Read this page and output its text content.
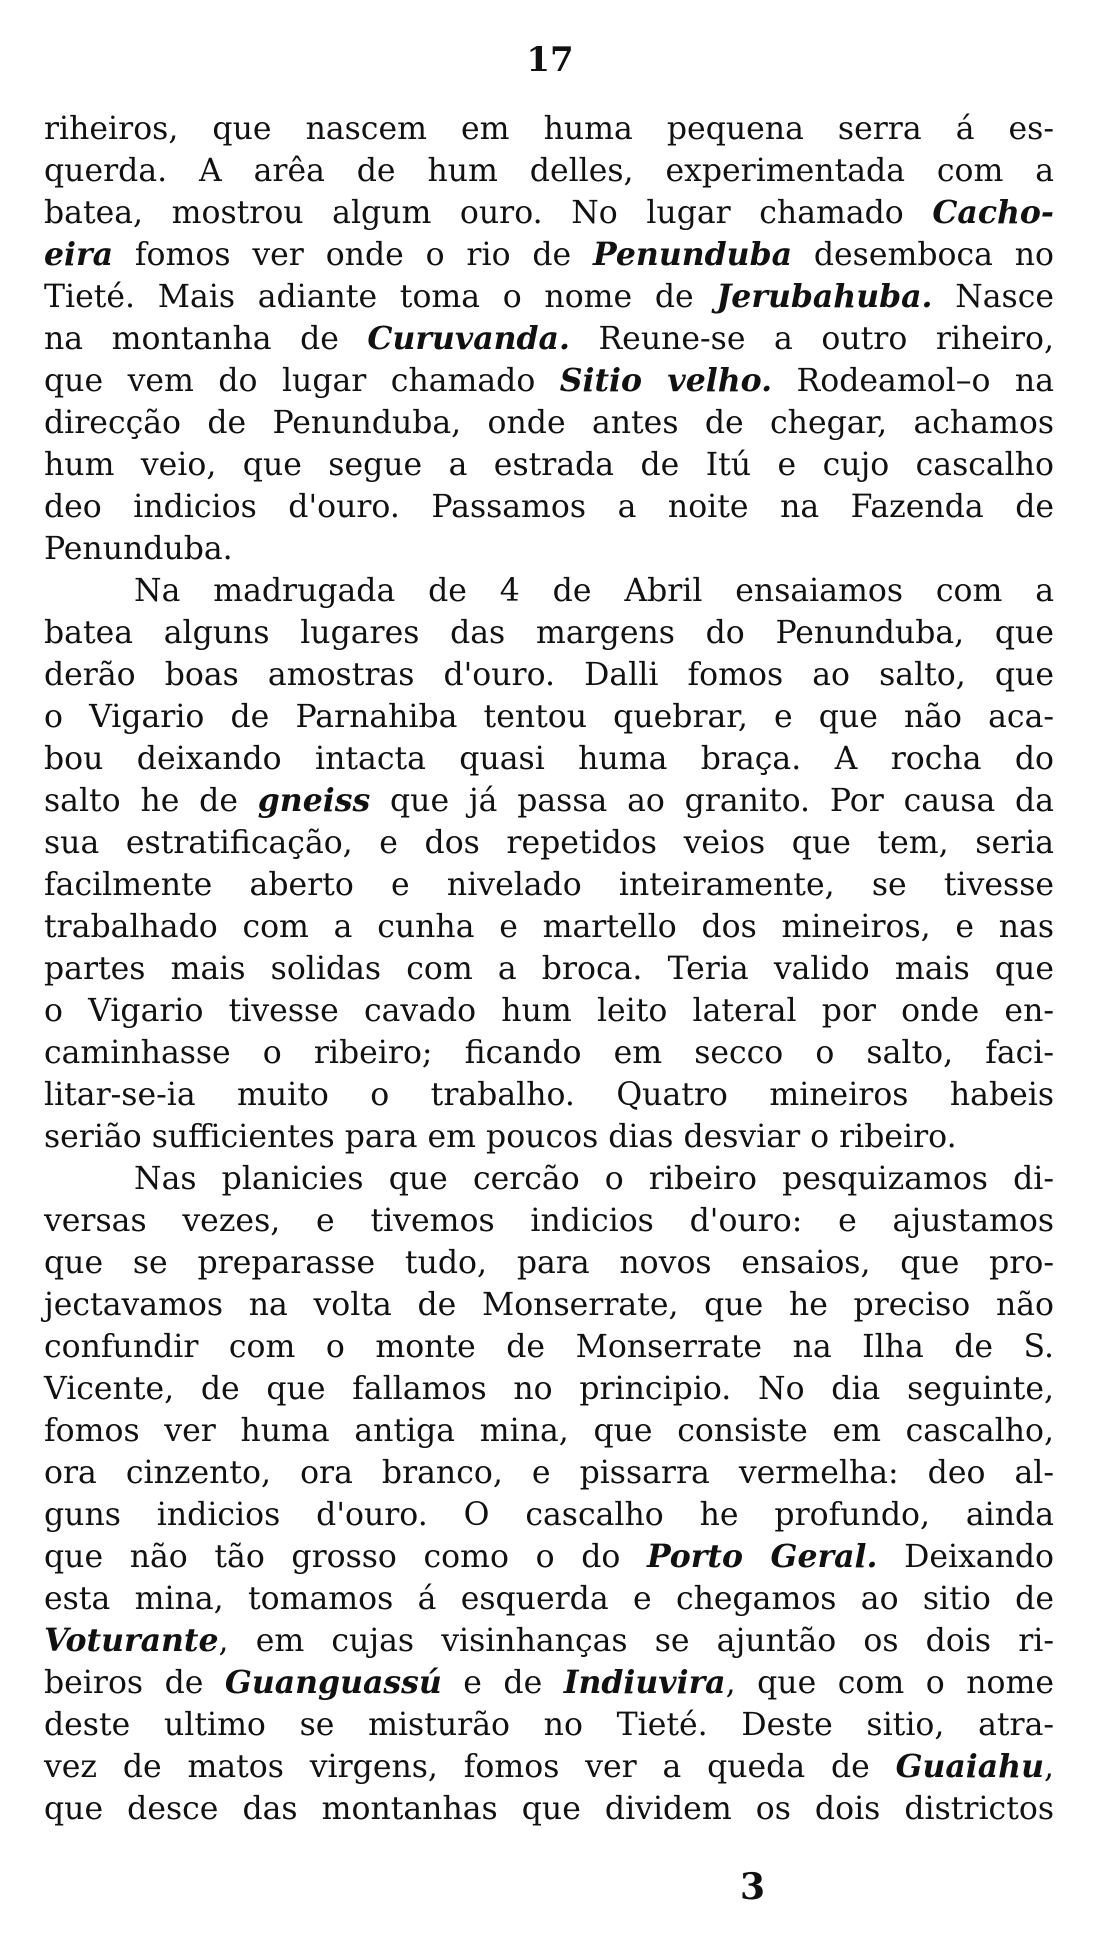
17
riheiros, que nascem em huma pequena serra á es-
querda. A arêa de hum delles, experimentada com a
batea, mostrou algum ouro. No lugar chamado Cacho-
eira fomos ver onde o rio de Penunduba desemboca no
Tieté. Mais adiante toma o nome de Jerubahuba. Nasce
na montanha de Curuvanda. Reune-se a outro riheiro,
que vem do lugar chamado Sitio velho. Rodeamol–o na
direcção de Penunduba, onde antes de chegar, achamos
hum veio, que segue a estrada de Itú e cujo cascalho
deo indicios d'ouro. Passamos a noite na Fazenda de
Penunduba.
Na madrugada de 4 de Abril ensaiamos com a
batea alguns lugares das margens do Penunduba, que
derão boas amostras d'ouro. Dalli fomos ao salto, que
o Vigario de Parnahiba tentou quebrar, e que não aca-
bou deixando intacta quasi huma braça. A rocha do
salto he de gneiss que já passa ao granito. Por causa da
sua estratificação, e dos repetidos veios que tem, seria
facilmente aberto e nivelado inteiramente, se tivesse
trabalhado com a cunha e martello dos mineiros, e nas
partes mais solidas com a broca. Teria valido mais que
o Vigario tivesse cavado hum leito lateral por onde en-
caminhasse o ribeiro; ficando em secco o salto, faci-
litar-se-ia muito o trabalho. Quatro mineiros habeis
serião sufficientes para em poucos dias desviar o ribeiro.
Nas planicies que cercão o ribeiro pesquizamos di-
versas vezes, e tivemos indicios d'ouro: e ajustamos
que se preparasse tudo, para novos ensaios, que pro-
jectavamos na volta de Monserrate, que he preciso não
confundir com o monte de Monserrate na Ilha de S.
Vicente, de que fallamos no principio. No dia seguinte,
fomos ver huma antiga mina, que consiste em cascalho,
ora cinzento, ora branco, e pissarra vermelha: deo al-
guns indicios d'ouro. O cascalho he profundo, ainda
que não tão grosso como o do Porto Geral. Deixando
esta mina, tomamos á esquerda e chegamos ao sitio de
Voturante, em cujas visinhanças se ajuntão os dois ri-
beiros de Guanguassú e de Indiuvira, que com o nome
deste ultimo se misturão no Tieté. Deste sitio, atra-
vez de matos virgens, fomos ver a queda de Guaiahu,
que desce das montanhas que dividem os dois districtos
3
